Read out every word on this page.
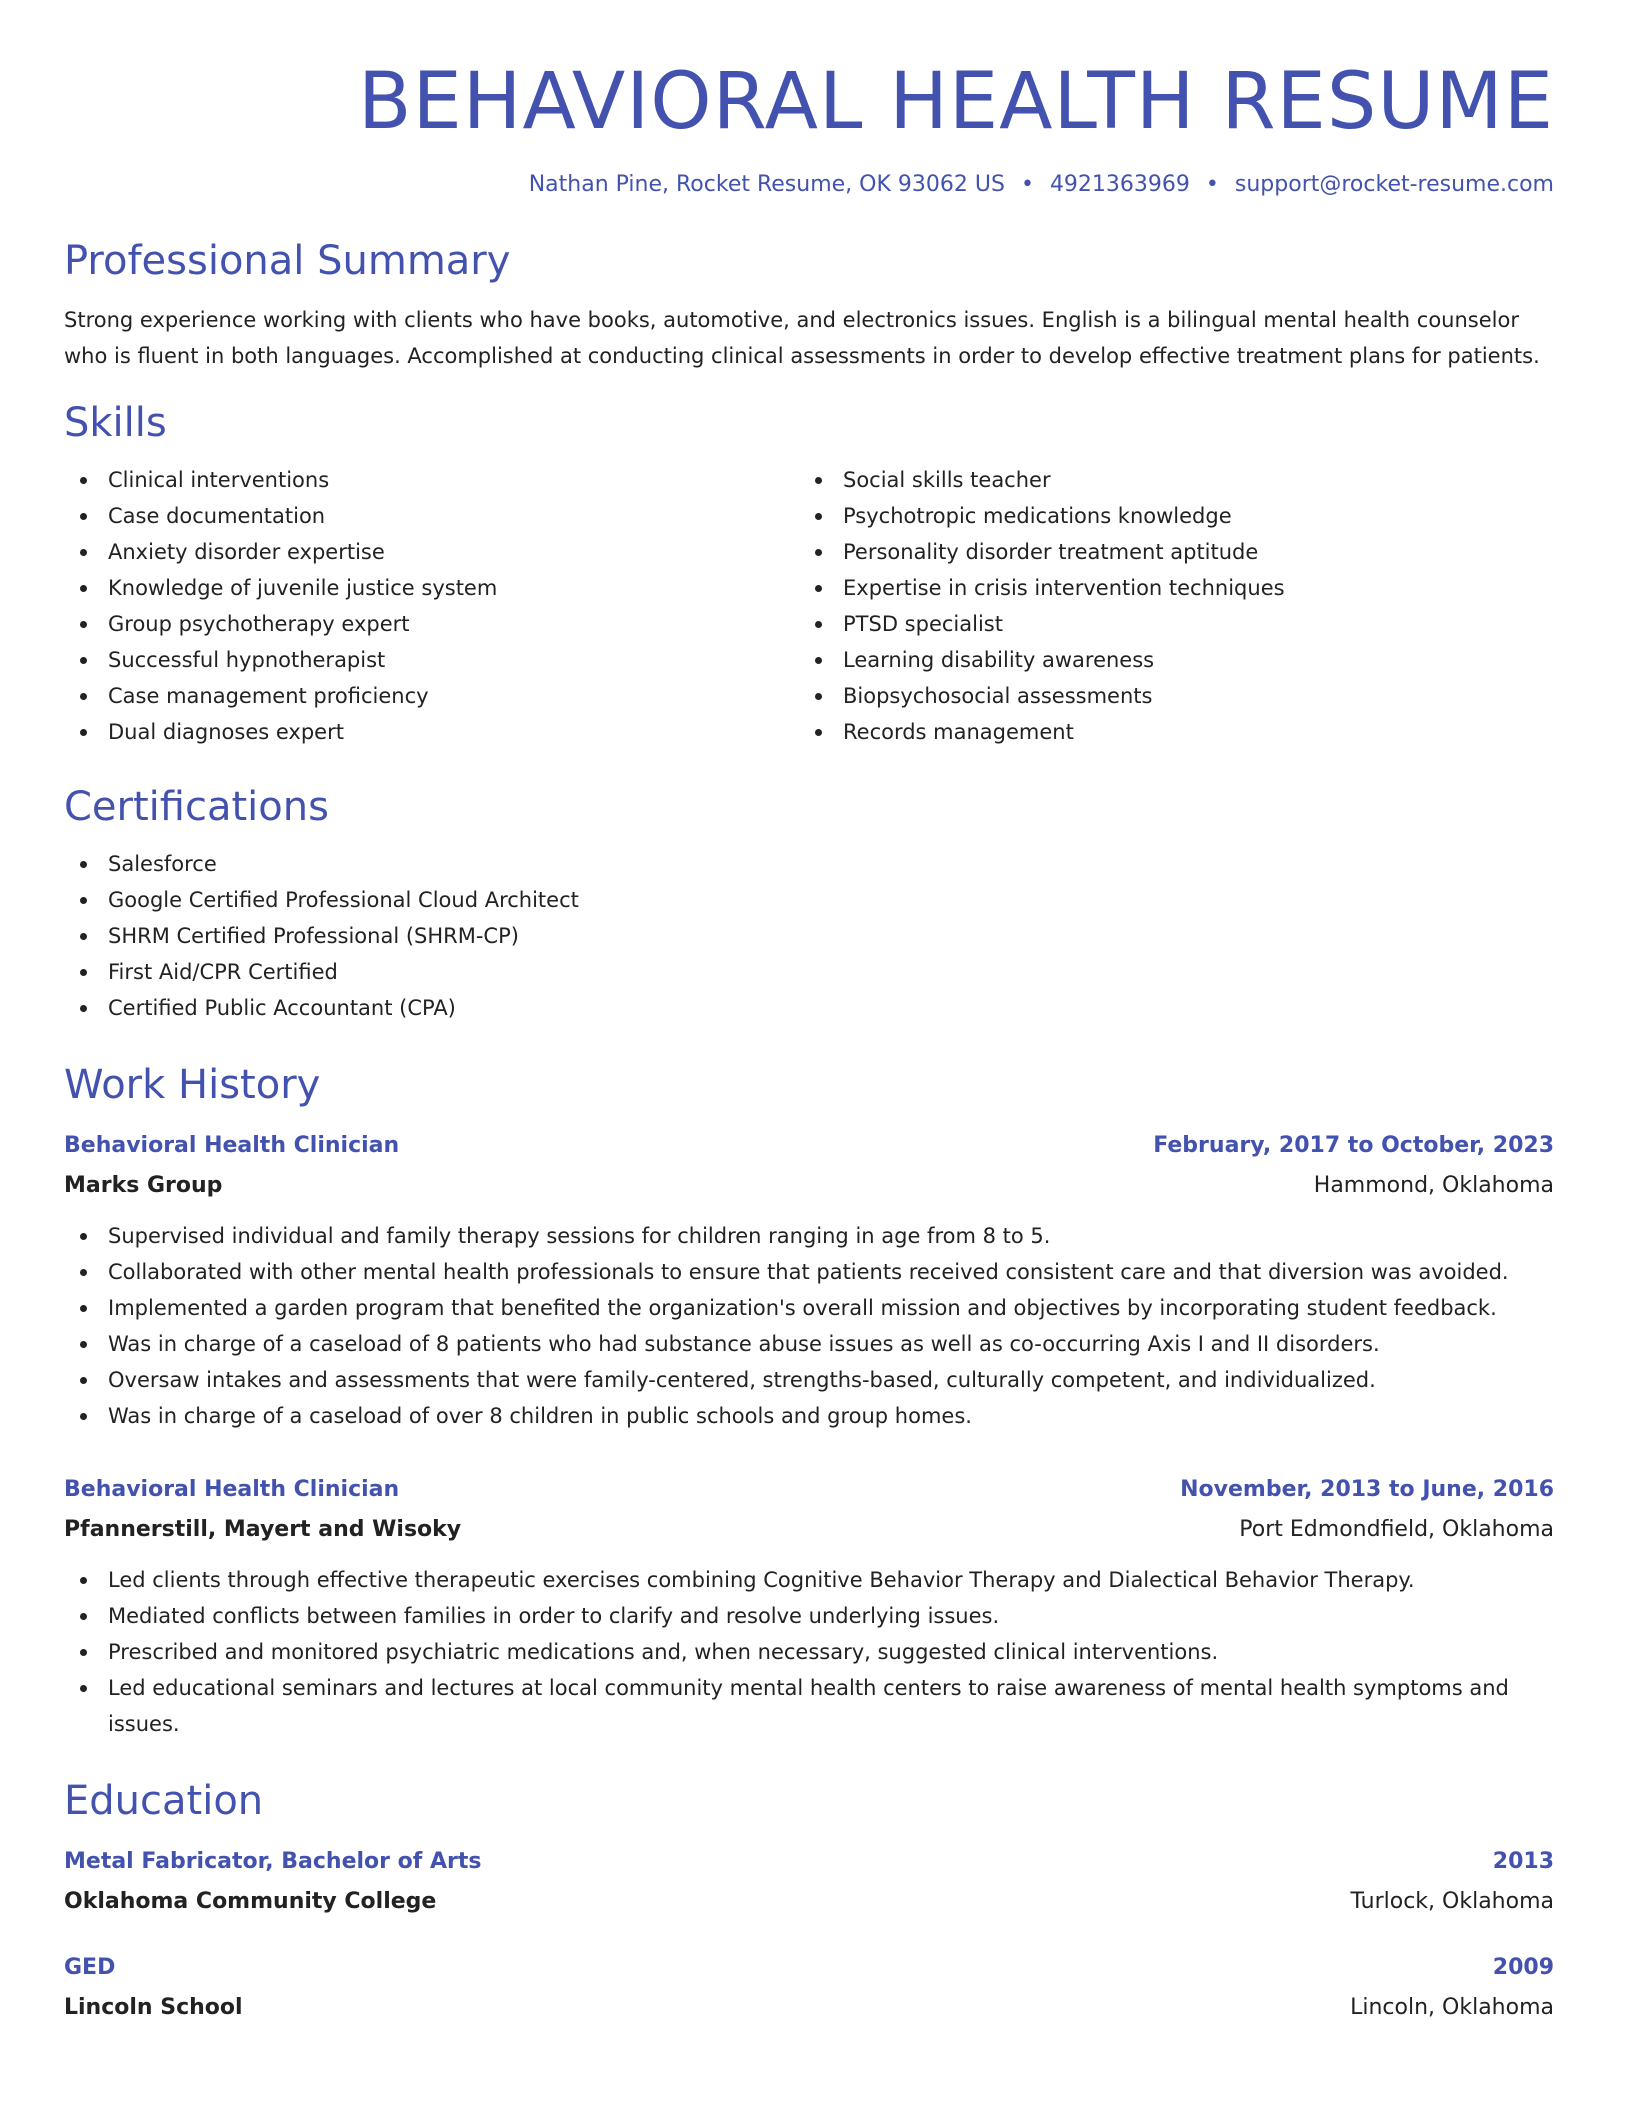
BEHAVIORAL HEALTH RESUME
Nathan Pine, Rocket Resume, OK 93062 US • 4921363969 • support@rocket-resume.com
Professional Summary
Strong experience working with clients who have books, automotive, and electronics issues. English is a bilingual mental health counselor who is fluent in both languages. Accomplished at conducting clinical assessments in order to develop effective treatment plans for patients.
Skills
Clinical interventions
Case documentation
Anxiety disorder expertise
Knowledge of juvenile justice system
Group psychotherapy expert
Successful hypnotherapist
Case management proficiency
Dual diagnoses expert
Social skills teacher
Psychotropic medications knowledge
Personality disorder treatment aptitude
Expertise in crisis intervention techniques
PTSD specialist
Learning disability awareness
Biopsychosocial assessments
Records management
Certifications
Salesforce
Google Certified Professional Cloud Architect
SHRM Certified Professional (SHRM-CP)
First Aid/CPR Certified
Certified Public Accountant (CPA)
Work History
Behavioral Health Clinician	February, 2017 to October, 2023
Marks Group	Hammond, Oklahoma
Supervised individual and family therapy sessions for children ranging in age from 8 to 5.
Collaborated with other mental health professionals to ensure that patients received consistent care and that diversion was avoided.
Implemented a garden program that benefited the organization's overall mission and objectives by incorporating student feedback.
Was in charge of a caseload of 8 patients who had substance abuse issues as well as co-occurring Axis I and II disorders.
Oversaw intakes and assessments that were family-centered, strengths-based, culturally competent, and individualized.
Was in charge of a caseload of over 8 children in public schools and group homes.
Behavioral Health Clinician	November, 2013 to June, 2016
Pfannerstill, Mayert and Wisoky	Port Edmondfield, Oklahoma
Led clients through effective therapeutic exercises combining Cognitive Behavior Therapy and Dialectical Behavior Therapy.
Mediated conflicts between families in order to clarify and resolve underlying issues.
Prescribed and monitored psychiatric medications and, when necessary, suggested clinical interventions.
Led educational seminars and lectures at local community mental health centers to raise awareness of mental health symptoms and issues.
Education
Metal Fabricator, Bachelor of Arts	2013
Oklahoma Community College	Turlock, Oklahoma
GED	2009
Lincoln School	Lincoln, Oklahoma
